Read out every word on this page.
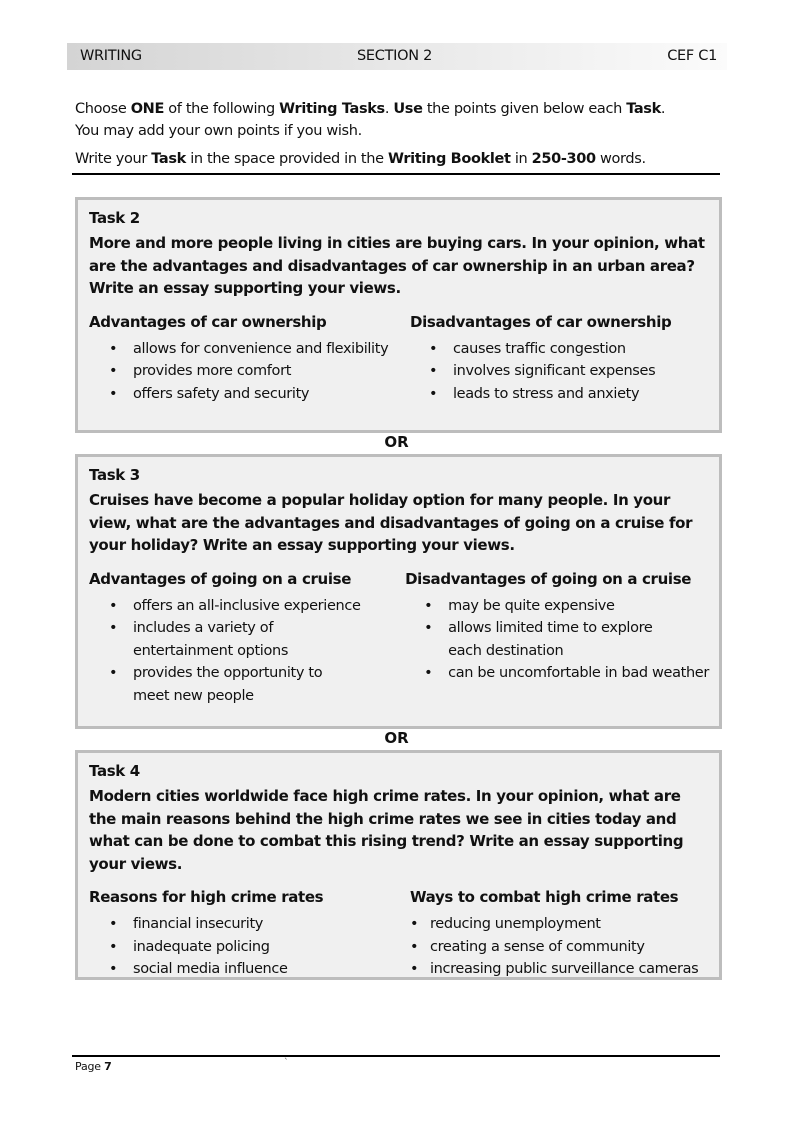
WRITING	SECTION 2	CEF C1

Choose ONE of the following Writing Tasks. Use the points given below each Task.

You may add your own points if you wish.

Write your Task in the space provided in the Writing Booklet in 250-300 words.

Task 2

More and more people living in cities are buying cars. In your opinion, what are the advantages and disadvantages of car ownership in an urban area? Write an essay supporting your views.

Advantages of car ownership

• allows for convenience and flexibility
• provides more comfort
• offers safety and security

Disadvantages of car ownership

• causes traffic congestion
• involves significant expenses
• leads to stress and anxiety
OR

Task 3

Cruises have become a popular holiday option for many people. In your view, what are the advantages and disadvantages of going on a cruise for your holiday? Write an essay supporting your views.

Advantages of going on a cruise

• offers an all-inclusive experience
• includes a variety of entertainment options
• provides the opportunity to meet new people

Disadvantages of going on a cruise

• may be quite expensive
• allows limited time to explore each destination
• can be uncomfortable in bad weather
OR

Task 4

Modern cities worldwide face high crime rates. In your opinion, what are the main reasons behind the high crime rates we see in cities today and what can be done to combat this rising trend? Write an essay supporting your views.

Reasons for high crime rates

• financial insecurity
• inadequate policing
• social media influence

Ways to combat high crime rates

• reducing unemployment
• creating a sense of community
• increasing public surveillance cameras
Page 7	`
